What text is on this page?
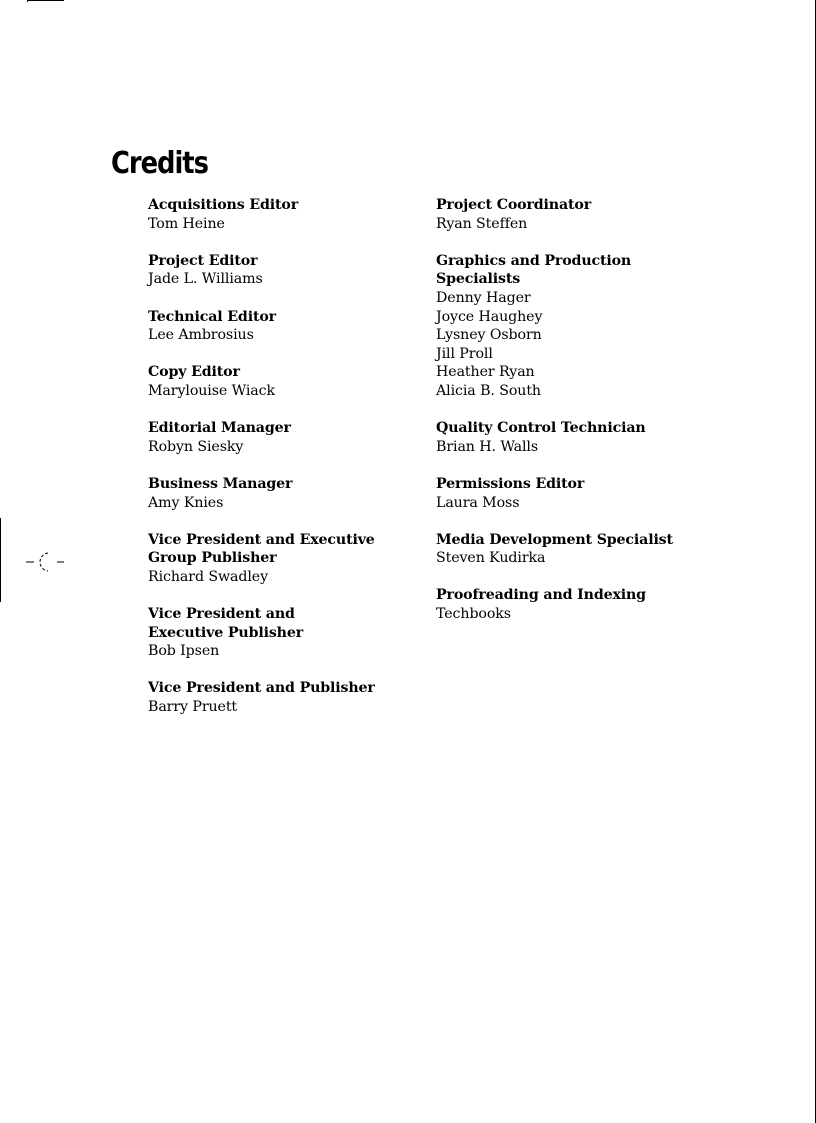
Credits
Acquisitions Editor
Tom Heine
Project Editor
Jade L. Williams
Technical Editor
Lee Ambrosius
Copy Editor
Marylouise Wiack
Editorial Manager
Robyn Siesky
Business Manager
Amy Knies
Vice President and Executive Group Publisher
Richard Swadley
Vice President and Executive Publisher
Bob Ipsen
Vice President and Publisher
Barry Pruett
Project Coordinator
Ryan Steffen
Graphics and Production Specialists
Denny Hager
Joyce Haughey
Lysney Osborn
Jill Proll
Heather Ryan
Alicia B. South
Quality Control Technician
Brian H. Walls
Permissions Editor
Laura Moss
Media Development Specialist
Steven Kudirka
Proofreading and Indexing
Techbooks
